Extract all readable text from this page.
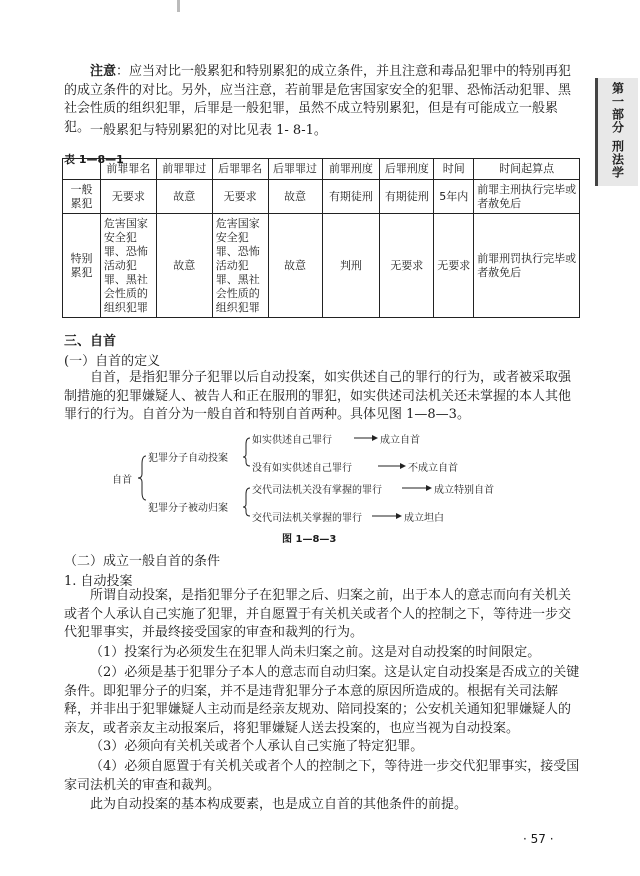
第一部分
刑法学

注意：应当对比一般累犯和特别累犯的成立条件，并且注意和毒品犯罪中的特别再犯的成立条件的对比。另外，应当注意，若前罪是危害国家安全的犯罪、恐怖活动犯罪、黑社会性质的组织犯罪，后罪是一般犯罪，虽然不成立特别累犯，但是有可能成立一般累犯。 一般累犯与特别累犯的对比见表 1- 8-1。

表 1—8—1
	前罪罪名	前罪罪过	后罪罪名	后罪罪过	前罪刑度	后罪刑度	时间	时间起算点
一般累犯	无要求	故意	无要求	故意	有期徒刑	有期徒刑	5年内	前罪主刑执行完毕或者赦免后
特别累犯	危害国家安全犯罪、恐怖活动犯罪、黑社会性质的组织犯罪	故意	危害国家安全犯罪、恐怖活动犯罪、黑社会性质的组织犯罪	故意	判刑	无要求	无要求	前罪刑罚执行完毕或者赦免后

三、自首

(一）自首的定义

自首，是指犯罪分子犯罪以后自动投案，如实供述自己的罪行的行为，或者被采取强制措施的犯罪嫌疑人、被告人和正在服刑的罪犯，如实供述司法机关还未掌握的本人其他罪行的行为。自首分为一般自首和特别自首两种。具体见图 1—8—3。

自首
犯罪分子自动投案
如实供述自己罪行	成立自首
没有如实供述自己罪行	不成立自首
犯罪分子被动归案
交代司法机关没有掌握的罪行	成立特别自首
交代司法机关掌握的罪行	成立坦白
图 1—8—3

（二）成立一般自首的条件

1. 自动投案

所谓自动投案，是指犯罪分子在犯罪之后、归案之前，出于本人的意志而向有关机关或者个人承认自己实施了犯罪，并自愿置于有关机关或者个人的控制之下，等待进一步交代犯罪事实，并最终接受国家的审查和裁判的行为。

（1）投案行为必须发生在犯罪人尚未归案之前。这是对自动投案的时间限定。

（2）必须是基于犯罪分子本人的意志而自动归案。这是认定自动投案是否成立的关键条件。即犯罪分子的归案，并不是违背犯罪分子本意的原因所造成的。根据有关司法解释，并非出于犯罪嫌疑人主动而是经亲友规劝、陪同投案的；公安机关通知犯罪嫌疑人的亲友，或者亲友主动报案后，将犯罪嫌疑人送去投案的，也应当视为自动投案。

（3）必须向有关机关或者个人承认自己实施了特定犯罪。

（4）必须自愿置于有关机关或者个人的控制之下，等待进一步交代犯罪事实，接受国家司法机关的审查和裁判。

此为自动投案的基本构成要素，也是成立自首的其他条件的前提。

· 57 ·
